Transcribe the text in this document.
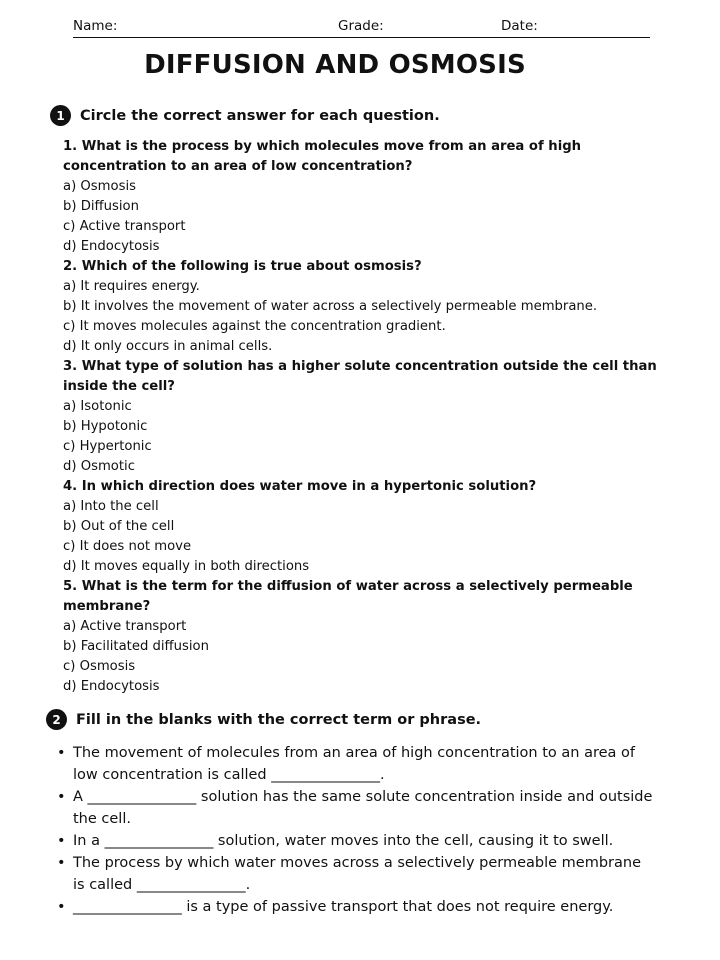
Name:	Grade:	Date:
DIFFUSION AND OSMOSIS
1	Circle the correct answer for each question.
1. What is the process by which molecules move from an area of high concentration to an area of low concentration?
a) Osmosis
b) Diffusion
c) Active transport
d) Endocytosis
2. Which of the following is true about osmosis?
a) It requires energy.
b) It involves the movement of water across a selectively permeable membrane.
c) It moves molecules against the concentration gradient.
d) It only occurs in animal cells.
3. What type of solution has a higher solute concentration outside the cell than inside the cell?
a) Isotonic
b) Hypotonic
c) Hypertonic
d) Osmotic
4. In which direction does water move in a hypertonic solution?
a) Into the cell
b) Out of the cell
c) It does not move
d) It moves equally in both directions
5. What is the term for the diffusion of water across a selectively permeable membrane?
a) Active transport
b) Facilitated diffusion
c) Osmosis
d) Endocytosis
2	Fill in the blanks with the correct term or phrase.
• The movement of molecules from an area of high concentration to an area of low concentration is called _______________.
• A _______________ solution has the same solute concentration inside and outside the cell.
• In a _______________ solution, water moves into the cell, causing it to swell.
• The process by which water moves across a selectively permeable membrane is called _______________.
• _______________ is a type of passive transport that does not require energy.
